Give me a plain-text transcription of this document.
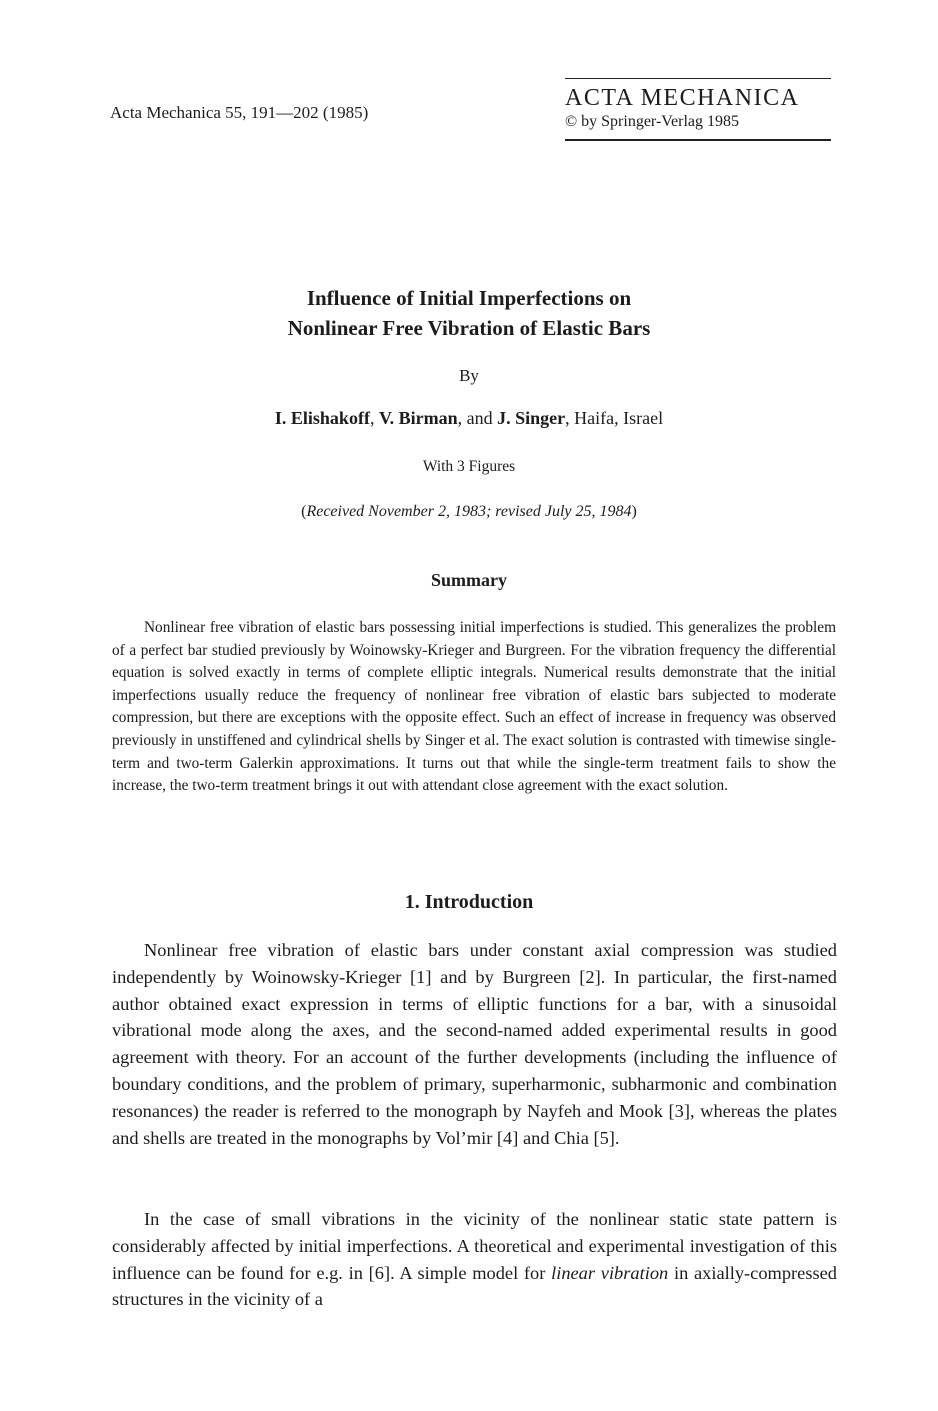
Acta Mechanica 55, 191—202 (1985)
ACTA MECHANICA
© by Springer-Verlag 1985
Influence of Initial Imperfections on
Nonlinear Free Vibration of Elastic Bars
By
I. Elishakoff, V. Birman, and J. Singer, Haifa, Israel
With 3 Figures
(Received November 2, 1983; revised July 25, 1984)
Summary
Nonlinear free vibration of elastic bars possessing initial imperfections is studied. This generalizes the problem of a perfect bar studied previously by Woinowsky-Krieger and Burgreen. For the vibration frequency the differential equation is solved exactly in terms of complete elliptic integrals. Numerical results demonstrate that the initial imperfections usually reduce the frequency of nonlinear free vibration of elastic bars subjected to moderate compression, but there are exceptions with the opposite effect. Such an effect of increase in frequency was observed previously in unstiffened and cylindrical shells by Singer et al. The exact solution is contrasted with timewise single-term and two-term Galerkin approximations. It turns out that while the single-term treatment fails to show the increase, the two-term treatment brings it out with attendant close agreement with the exact solution.
1. Introduction
Nonlinear free vibration of elastic bars under constant axial compression was studied independently by Woinowsky-Krieger [1] and by Burgreen [2]. In particular, the first-named author obtained exact expression in terms of elliptic functions for a bar, with a sinusoidal vibrational mode along the axes, and the second-named added experimental results in good agreement with theory. For an account of the further developments (including the influence of boundary conditions, and the problem of primary, superharmonic, subharmonic and combination resonances) the reader is referred to the monograph by Nayfeh and Mook [3], whereas the plates and shells are treated in the monographs by Vol’mir [4] and Chia [5].
In the case of small vibrations in the vicinity of the nonlinear static state pattern is considerably affected by initial imperfections. A theoretical and experimental investigation of this influence can be found for e.g. in [6]. A simple model for linear vibration in axially-compressed structures in the vicinity of a
